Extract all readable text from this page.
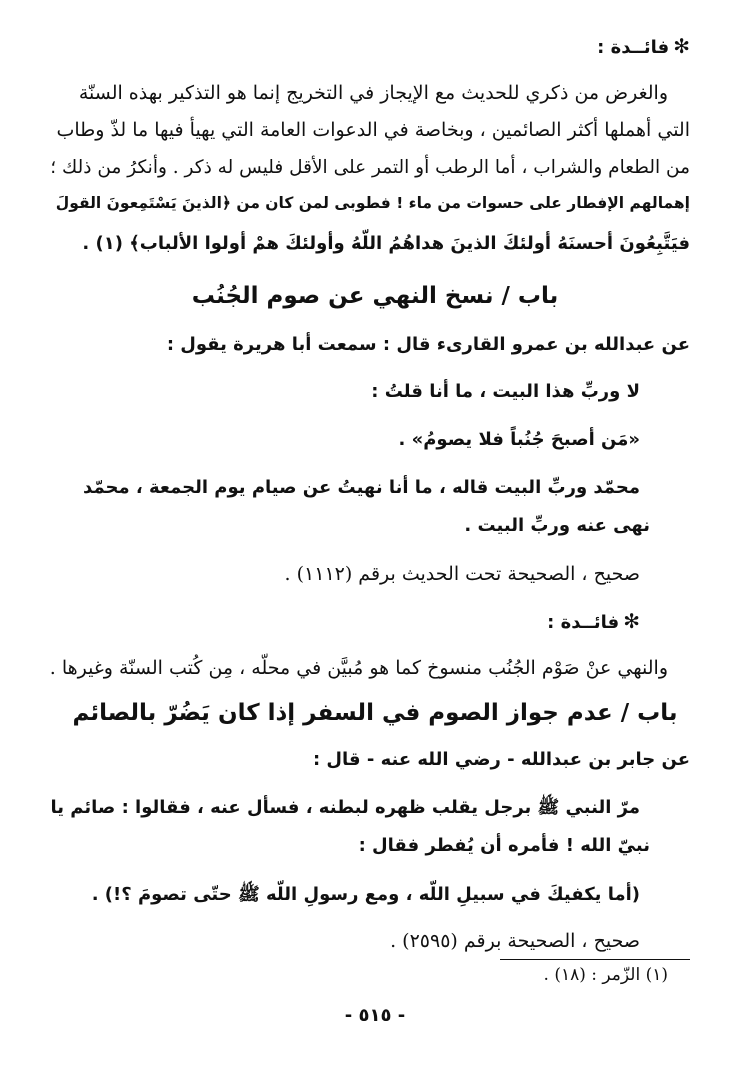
✻فائــدة :
والغرض من ذكري للحديث مع الإيجاز في التخريج إنما هو التذكير بهذه السنّة
التي أهملها أكثر الصائمين ، وبخاصة في الدعوات العامة التي يهيأ فيها ما لذّ وطاب
من الطعام والشراب ، أما الرطب أو التمر على الأقل فليس له ذكر . وأنكرُ من ذلك ؛
إهمالهم الإفطار على حسوات من ماء ! فطوبى لمن كان من ﴿الذينَ يَسْتَمِعونَ القولَ
فيَتَّبِعُونَ أحسنَهُ أولئكَ الذينَ هداهُمُ اللّهُ وأولئكَ همْ أولوا الألباب﴾ (١) .
باب / نسخ النهي عن صوم الجُنُب
عن عبدالله بن عمرو القارىء قال : سمعت أبا هريرة يقول :
لا وربِّ هذا البيت ، ما أنا قلتُ :
«مَن أصبحَ جُنُباً فلا يصومُ» .
محمّد وربِّ البيت قاله ، ما أنا نهيتُ عن صيام يوم الجمعة ، محمّد
نهى عنه وربِّ البيت .
صحيح ، الصحيحة تحت الحديث برقم (١١١٢) .
✻فائــدة :
والنهي عنْ صَوْم الجُنُب منسوخ كما هو مُبيَّن في محلّه ، مِن كُتب السنّة وغيرها .
باب / عدم جواز الصوم في السفر إذا كان يَضُرّ بالصائم
عن جابر بن عبدالله - رضي الله عنه - قال :
مرّ النبي ﷺ برجل يقلب ظهره لبطنه ، فسأل عنه ، فقالوا : صائم يا
نبيّ الله ! فأمره أن يُفطر فقال :
(أما يكفيكَ في سبيلِ اللّه ، ومع رسولِ اللّه ﷺ حتّى تصومَ ؟!) .
صحيح ، الصحيحة برقم (٢٥٩٥) .
(١) الزّمر : (١٨) .
- ٥١٥ -
